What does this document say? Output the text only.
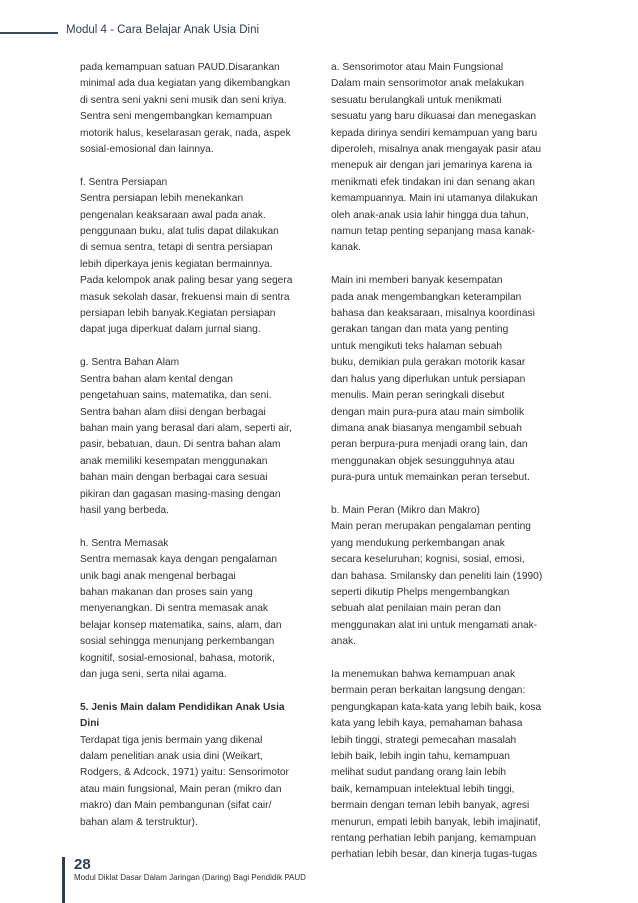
Modul 4 - Cara Belajar Anak Usia Dini

pada kemampuan satuan PAUD.Disarankan

minimal ada dua kegiatan yang dikembangkan

di sentra seni yakni seni musik dan seni kriya.

Sentra seni mengembangkan kemampuan

motorik halus, keselarasan gerak, nada, aspek

sosial-emosional dan lainnya.

f. Sentra Persiapan

Sentra persiapan lebih menekankan

pengenalan keaksaraan awal pada anak.

penggunaan buku, alat tulis dapat dilakukan

di semua sentra, tetapi di sentra persiapan

lebih diperkaya jenis kegiatan bermainnya.

Pada kelompok anak paling besar yang segera

masuk sekolah dasar, frekuensi main di sentra

persiapan lebih banyak.Kegiatan persiapan

dapat juga diperkuat dalam jurnal siang.

g. Sentra Bahan Alam

Sentra bahan alam kental dengan

pengetahuan sains, matematika, dan seni.

Sentra bahan alam diisi dengan berbagai

bahan main yang berasal dari alam, seperti air,

pasir, bebatuan, daun. Di sentra bahan alam

anak memiliki kesempatan menggunakan

bahan main dengan berbagai cara sesuai

pikiran dan gagasan masing-masing dengan

hasil yang berbeda.

h. Sentra Memasak

Sentra memasak kaya dengan pengalaman

unik bagi anak mengenal berbagai

bahan makanan dan proses sain yang

menyenangkan. Di sentra memasak anak

belajar konsep matematika, sains, alam, dan

sosial sehingga menunjang perkembangan

kognitif, sosial-emosional, bahasa, motorik,

dan juga seni, serta nilai agama.

5. Jenis Main dalam Pendidikan Anak Usia

Dini

Terdapat tiga jenis bermain yang dikenal

dalam penelitian anak usia dini (Weikart,

Rodgers, & Adcock, 1971) yaitu: Sensorimotor

atau main fungsional, Main peran (mikro dan

makro) dan Main pembangunan (sifat cair/

bahan alam & terstruktur).

a. Sensorimotor atau Main Fungsional

Dalam main sensorimotor anak melakukan

sesuatu berulangkali untuk menikmati

sesuatu yang baru dikuasai dan menegaskan

kepada dirinya sendiri kemampuan yang baru

diperoleh, misalnya anak mengayak pasir atau

menepuk air dengan jari jemarinya karena ia

menikmati efek tindakan ini dan senang akan

kemampuannya. Main ini utamanya dilakukan

oleh anak-anak usia lahir hingga dua tahun,

namun tetap penting sepanjang masa kanak-

kanak.

Main ini memberi banyak kesempatan

pada anak mengembangkan keterampilan

bahasa dan keaksaraan, misalnya koordinasi

gerakan tangan dan mata yang penting

untuk mengikuti teks halaman sebuah

buku, demikian pula gerakan motorik kasar

dan halus yang diperlukan untuk persiapan

menulis. Main peran seringkali disebut

dengan main pura-pura atau main simbolik

dimana anak biasanya mengambil sebuah

peran berpura-pura menjadi orang lain, dan

menggunakan objek sesungguhnya atau

pura-pura untuk memainkan peran tersebut.

b. Main Peran (Mikro dan Makro)

Main peran merupakan pengalaman penting

yang mendukung perkembangan anak

secara keseluruhan; kognisi, sosial, emosi,

dan bahasa. Smilansky dan peneliti lain (1990)

seperti dikutip Phelps mengembangkan

sebuah alat penilaian main peran dan

menggunakan alat ini untuk mengamati anak-

anak.

Ia menemukan bahwa kemampuan anak

bermain peran berkaitan langsung dengan:

pengungkapan kata-kata yang lebih baik, kosa

kata yang lebih kaya, pemahaman bahasa

lebih tinggi, strategi pemecahan masalah

lebih baik, lebih ingin tahu, kemampuan

melihat sudut pandang orang lain lebih

baik, kemampuan intelektual lebih tinggi,

bermain dengan teman lebih banyak, agresi

menurun, empati lebih banyak, lebih imajinatif,

rentang perhatian lebih panjang, kemampuan

perhatian lebih besar, dan kinerja tugas-tugas

28
Modul Diklat Dasar Dalam Jaringan (Daring) Bagi Pendidik PAUD
